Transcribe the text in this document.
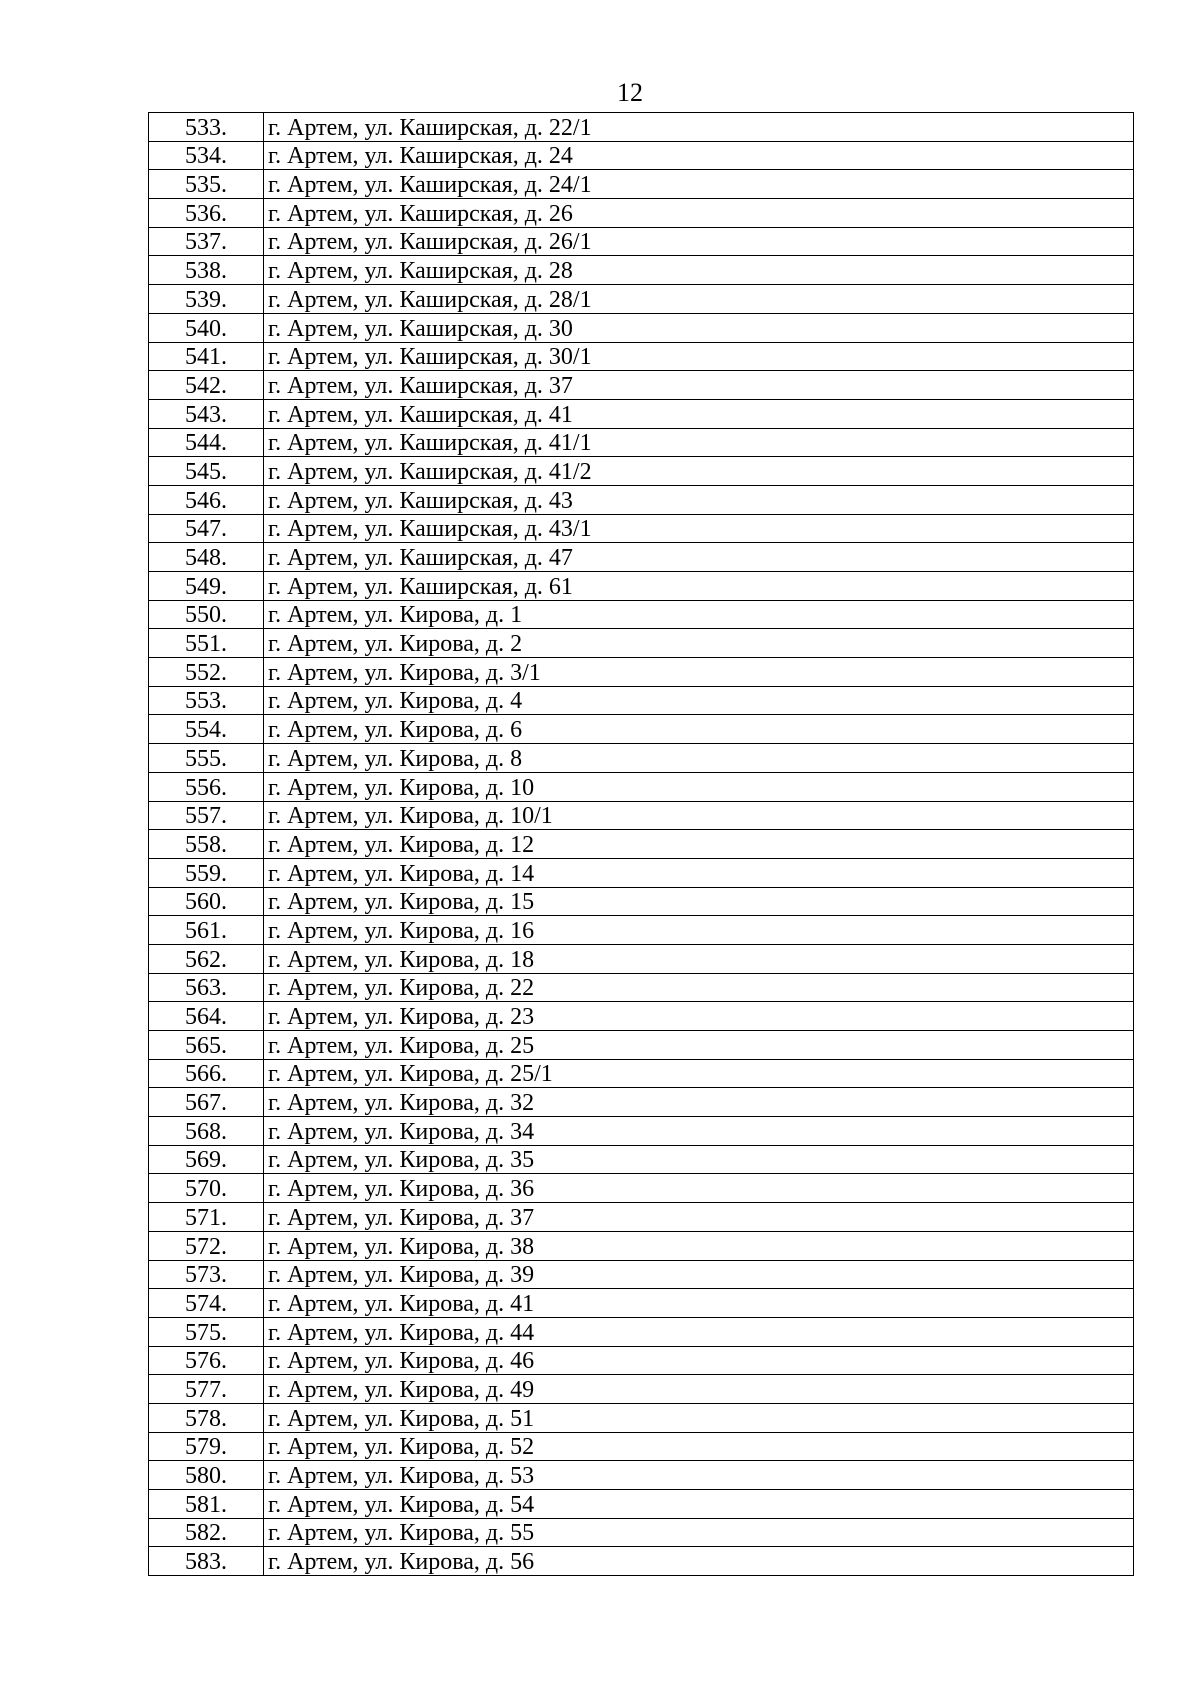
12
533.	г. Артем, ул. Каширская, д. 22/1
534.	г. Артем, ул. Каширская, д. 24
535.	г. Артем, ул. Каширская, д. 24/1
536.	г. Артем, ул. Каширская, д. 26
537.	г. Артем, ул. Каширская, д. 26/1
538.	г. Артем, ул. Каширская, д. 28
539.	г. Артем, ул. Каширская, д. 28/1
540.	г. Артем, ул. Каширская, д. 30
541.	г. Артем, ул. Каширская, д. 30/1
542.	г. Артем, ул. Каширская, д. 37
543.	г. Артем, ул. Каширская, д. 41
544.	г. Артем, ул. Каширская, д. 41/1
545.	г. Артем, ул. Каширская, д. 41/2
546.	г. Артем, ул. Каширская, д. 43
547.	г. Артем, ул. Каширская, д. 43/1
548.	г. Артем, ул. Каширская, д. 47
549.	г. Артем, ул. Каширская, д. 61
550.	г. Артем, ул. Кирова, д. 1
551.	г. Артем, ул. Кирова, д. 2
552.	г. Артем, ул. Кирова, д. 3/1
553.	г. Артем, ул. Кирова, д. 4
554.	г. Артем, ул. Кирова, д. 6
555.	г. Артем, ул. Кирова, д. 8
556.	г. Артем, ул. Кирова, д. 10
557.	г. Артем, ул. Кирова, д. 10/1
558.	г. Артем, ул. Кирова, д. 12
559.	г. Артем, ул. Кирова, д. 14
560.	г. Артем, ул. Кирова, д. 15
561.	г. Артем, ул. Кирова, д. 16
562.	г. Артем, ул. Кирова, д. 18
563.	г. Артем, ул. Кирова, д. 22
564.	г. Артем, ул. Кирова, д. 23
565.	г. Артем, ул. Кирова, д. 25
566.	г. Артем, ул. Кирова, д. 25/1
567.	г. Артем, ул. Кирова, д. 32
568.	г. Артем, ул. Кирова, д. 34
569.	г. Артем, ул. Кирова, д. 35
570.	г. Артем, ул. Кирова, д. 36
571.	г. Артем, ул. Кирова, д. 37
572.	г. Артем, ул. Кирова, д. 38
573.	г. Артем, ул. Кирова, д. 39
574.	г. Артем, ул. Кирова, д. 41
575.	г. Артем, ул. Кирова, д. 44
576.	г. Артем, ул. Кирова, д. 46
577.	г. Артем, ул. Кирова, д. 49
578.	г. Артем, ул. Кирова, д. 51
579.	г. Артем, ул. Кирова, д. 52
580.	г. Артем, ул. Кирова, д. 53
581.	г. Артем, ул. Кирова, д. 54
582.	г. Артем, ул. Кирова, д. 55
583.	г. Артем, ул. Кирова, д. 56
